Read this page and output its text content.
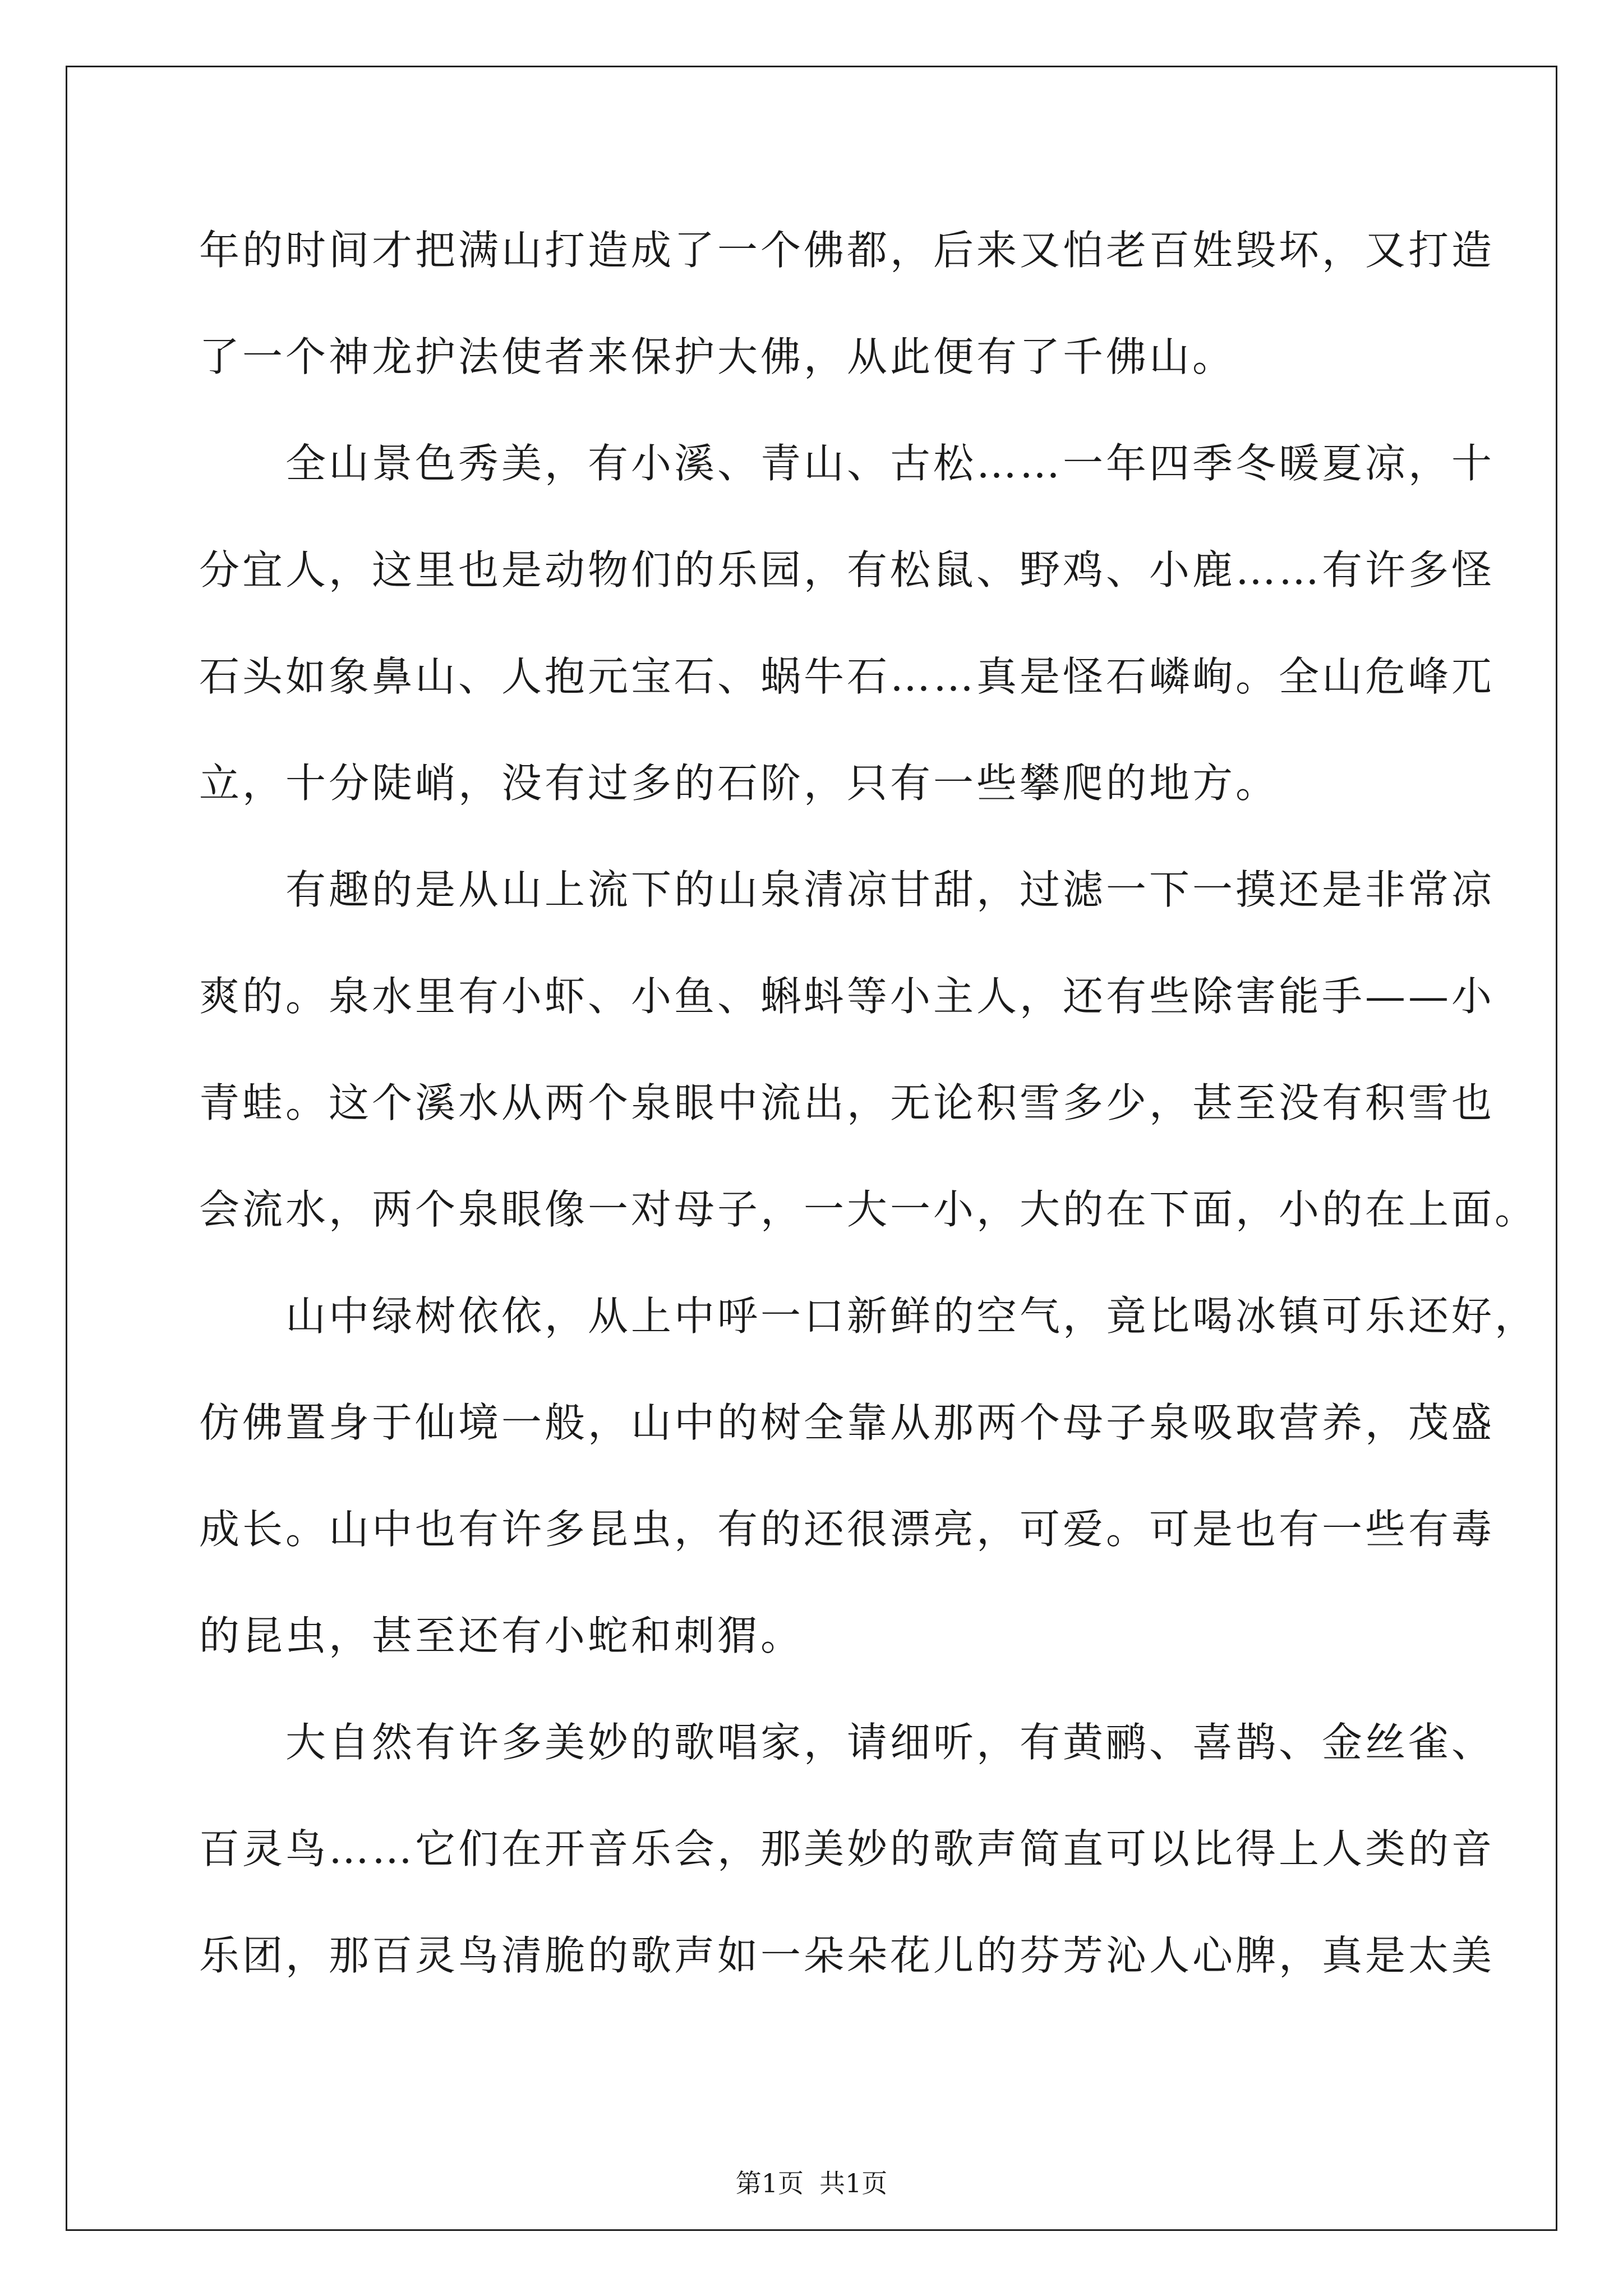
年的时间才把满山打造成了一个佛都，后来又怕老百姓毁坏，又打造
了一个神龙护法使者来保护大佛，从此便有了千佛山。
　　全山景色秀美，有小溪、青山、古松……一年四季冬暖夏凉，十
分宜人，这里也是动物们的乐园，有松鼠、野鸡、小鹿……有许多怪
石头如象鼻山、人抱元宝石、蜗牛石……真是怪石嶙峋。全山危峰兀
立，十分陡峭，没有过多的石阶，只有一些攀爬的地方。
　　有趣的是从山上流下的山泉清凉甘甜，过滤一下一摸还是非常凉
爽的。泉水里有小虾、小鱼、蝌蚪等小主人，还有些除害能手——小
青蛙。这个溪水从两个泉眼中流出，无论积雪多少，甚至没有积雪也
会流水，两个泉眼像一对母子，一大一小，大的在下面，小的在上面。
　　山中绿树依依，从上中呼一口新鲜的空气，竟比喝冰镇可乐还好，
仿佛置身于仙境一般，山中的树全靠从那两个母子泉吸取营养，茂盛
成长。山中也有许多昆虫，有的还很漂亮，可爱。可是也有一些有毒
的昆虫，甚至还有小蛇和刺猬。
　　大自然有许多美妙的歌唱家，请细听，有黄鹂、喜鹊、金丝雀、
百灵鸟……它们在开音乐会，那美妙的歌声简直可以比得上人类的音
乐团，那百灵鸟清脆的歌声如一朵朵花儿的芬芳沁人心脾，真是太美
第1页 共1页
